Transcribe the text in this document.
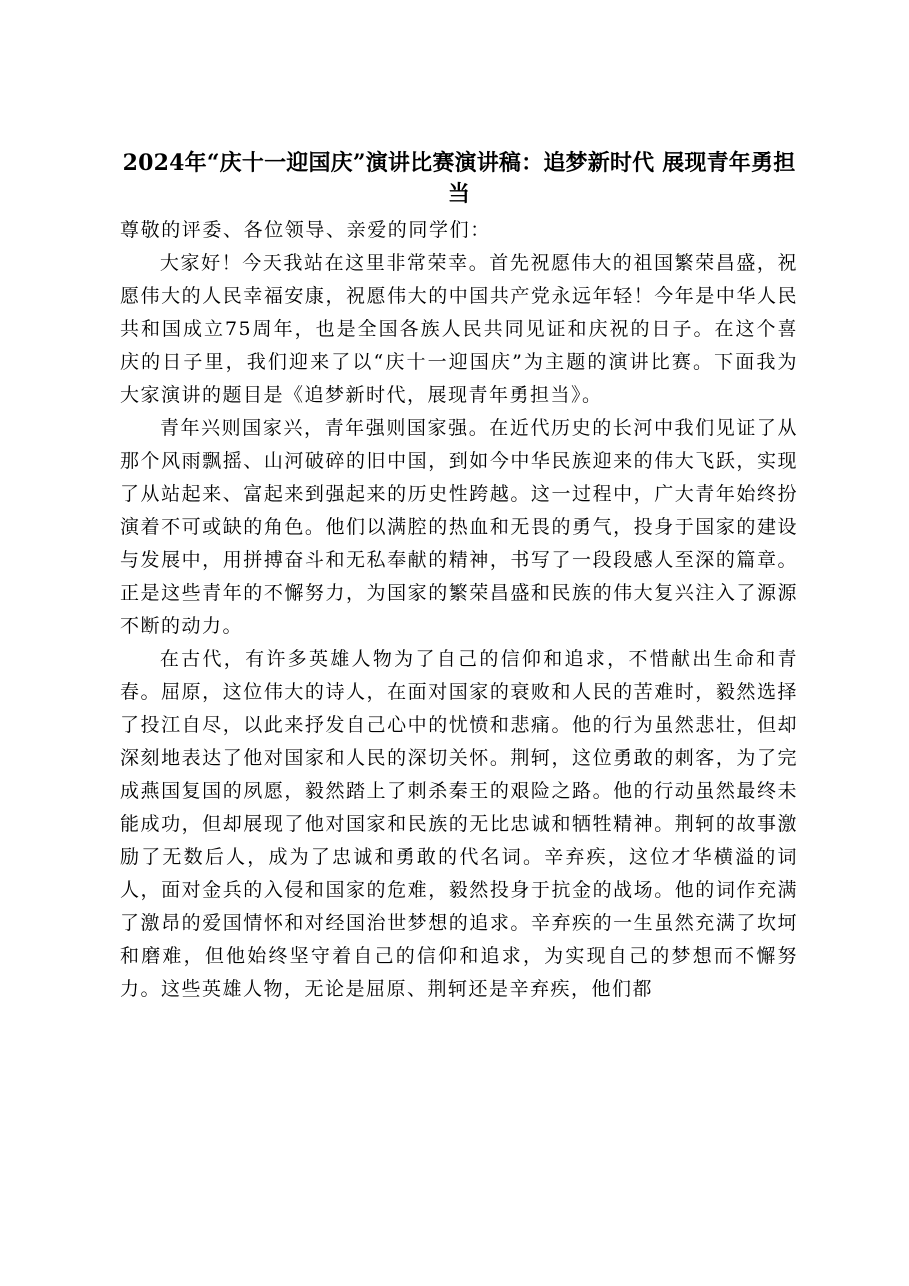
2024年“庆十一迎国庆”演讲比赛演讲稿：追梦新时代 展现青年勇担当

尊敬的评委、各位领导、亲爱的同学们：

大家好！今天我站在这里非常荣幸。首先祝愿伟大的祖国繁荣昌盛，祝愿伟大的人民幸福安康，祝愿伟大的中国共产党永远年轻！今年是中华人民共和国成立75周年，也是全国各族人民共同见证和庆祝的日子。在这个喜庆的日子里，我们迎来了以“庆十一迎国庆”为主题的演讲比赛。下面我为大家演讲的题目是《追梦新时代，展现青年勇担当》。

青年兴则国家兴，青年强则国家强。在近代历史的长河中我们见证了从那个风雨飘摇、山河破碎的旧中国，到如今中华民族迎来的伟大飞跃，实现了从站起来、富起来到强起来的历史性跨越。这一过程中，广大青年始终扮演着不可或缺的角色。他们以满腔的热血和无畏的勇气，投身于国家的建设与发展中，用拼搏奋斗和无私奉献的精神，书写了一段段感人至深的篇章。正是这些青年的不懈努力，为国家的繁荣昌盛和民族的伟大复兴注入了源源不断的动力。

在古代，有许多英雄人物为了自己的信仰和追求，不惜献出生命和青春。屈原，这位伟大的诗人，在面对国家的衰败和人民的苦难时，毅然选择了投江自尽，以此来抒发自己心中的忧愤和悲痛。他的行为虽然悲壮，但却深刻地表达了他对国家和人民的深切关怀。荆轲，这位勇敢的刺客，为了完成燕国复国的夙愿，毅然踏上了刺杀秦王的艰险之路。他的行动虽然最终未能成功，但却展现了他对国家和民族的无比忠诚和牺牲精神。荆轲的故事激励了无数后人，成为了忠诚和勇敢的代名词。辛弃疾，这位才华横溢的词人，面对金兵的入侵和国家的危难，毅然投身于抗金的战场。他的词作充满了激昂的爱国情怀和对经国治世梦想的追求。辛弃疾的一生虽然充满了坎坷和磨难，但他始终坚守着自己的信仰和追求，为实现自己的梦想而不懈努力。这些英雄人物，无论是屈原、荆轲还是辛弃疾，他们都
